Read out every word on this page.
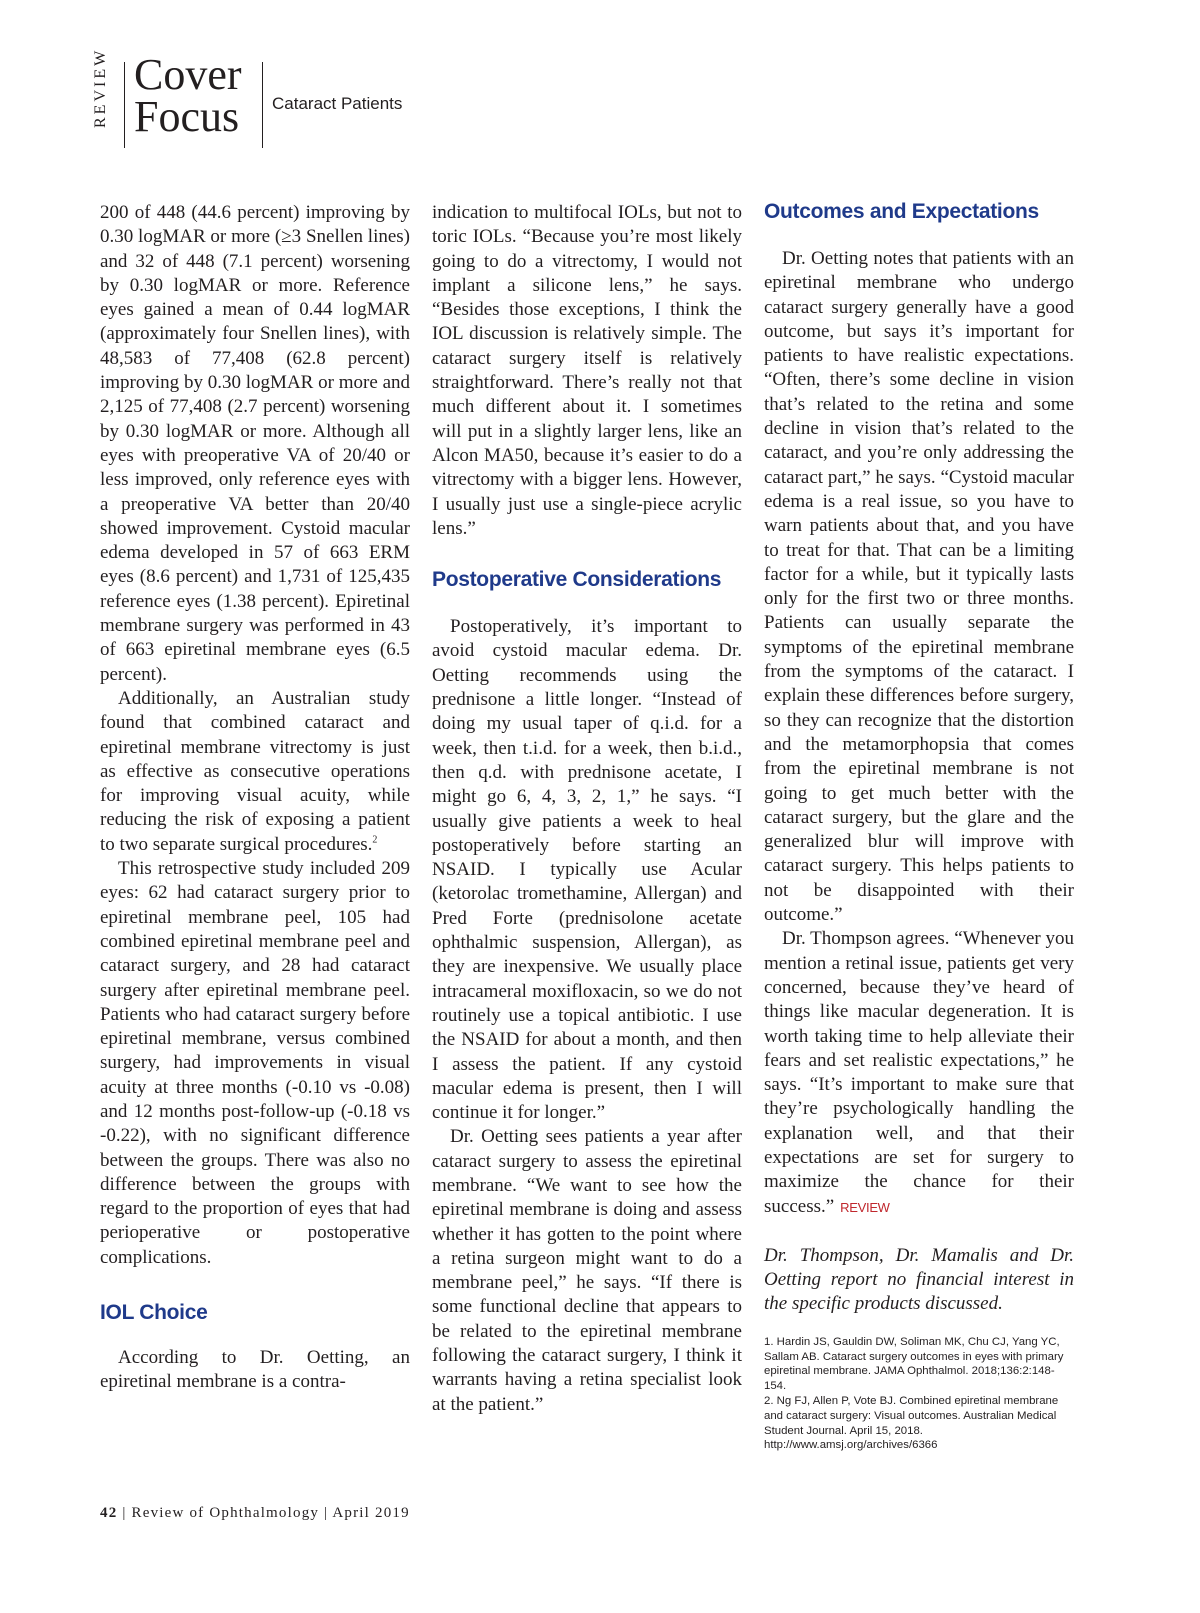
REVIEW Cover
Focus Cataract Patients

200 of 448 (44.6 percent) improving by 0.30 logMAR or more (≥3 Snellen lines) and 32 of 448 (7.1 percent) worsening by 0.30 logMAR or more. Reference eyes gained a mean of 0.44 logMAR (approximately four Snellen lines), with 48,583 of 77,408 (62.8 percent) improving by 0.30 logMAR or more and 2,125 of 77,408 (2.7 percent) worsening by 0.30 logMAR or more. Although all eyes with preoperative VA of 20/40 or less improved, only reference eyes with a preoperative VA better than 20/40 showed improvement. Cystoid macular edema developed in 57 of 663 ERM eyes (8.6 percent) and 1,731 of 125,435 reference eyes (1.38 percent). Epiretinal membrane surgery was performed in 43 of 663 epiretinal membrane eyes (6.5 percent).

Additionally, an Australian study found that combined cataract and epiretinal membrane vitrectomy is just as effective as consecutive operations for improving visual acuity, while reducing the risk of exposing a patient to two separate surgical procedures.$^2$

This retrospective study included 209 eyes: 62 had cataract surgery prior to epiretinal membrane peel, 105 had combined epiretinal membrane peel and cataract surgery, and 28 had cataract surgery after epiretinal membrane peel. Patients who had cataract surgery before epiretinal membrane, versus combined surgery, had improvements in visual acuity at three months (-0.10 vs -0.08) and 12 months post-follow-up (-0.18 vs -0.22), with no significant difference between the groups. There was also no difference between the groups with regard to the proportion of eyes that had perioperative or postoperative complications.

IOL Choice

According to Dr. Oetting, an epiretinal membrane is a contra-

indication to multifocal IOLs, but not to toric IOLs. “Because you’re most likely going to do a vitrectomy, I would not implant a silicone lens,” he says. “Besides those exceptions, I think the IOL discussion is relatively simple. The cataract surgery itself is relatively straightforward. There’s really not that much different about it. I sometimes will put in a slightly larger lens, like an Alcon MA50, because it’s easier to do a vitrectomy with a bigger lens. However, I usually just use a single-piece acrylic lens.”

Postoperative Considerations

Postoperatively, it’s important to avoid cystoid macular edema. Dr. Oetting recommends using the prednisone a little longer. “Instead of doing my usual taper of q.i.d. for a week, then t.i.d. for a week, then b.i.d., then q.d. with prednisone acetate, I might go 6, 4, 3, 2, 1,” he says. “I usually give patients a week to heal postoperatively before starting an NSAID. I typically use Acular (ketorolac tromethamine, Allergan) and Pred Forte (prednisolone acetate ophthalmic suspension, Allergan), as they are inexpensive. We usually place intracameral moxifloxacin, so we do not routinely use a topical antibiotic. I use the NSAID for about a month, and then I assess the patient. If any cystoid macular edema is present, then I will continue it for longer.”

Dr. Oetting sees patients a year after cataract surgery to assess the epiretinal membrane. “We want to see how the epiretinal membrane is doing and assess whether it has gotten to the point where a retina surgeon might want to do a membrane peel,” he says. “If there is some functional decline that appears to be related to the epiretinal membrane following the cataract surgery, I think it warrants having a retina specialist look at the patient.”

Outcomes and Expectations

Dr. Oetting notes that patients with an epiretinal membrane who undergo cataract surgery generally have a good outcome, but says it’s important for patients to have realistic expectations. “Often, there’s some decline in vision that’s related to the retina and some decline in vision that’s related to the cataract, and you’re only addressing the cataract part,” he says. “Cystoid macular edema is a real issue, so you have to warn patients about that, and you have to treat for that. That can be a limiting factor for a while, but it typically lasts only for the first two or three months. Patients can usually separate the symptoms of the epiretinal membrane from the symptoms of the cataract. I explain these differences before surgery, so they can recognize that the distortion and the metamorphopsia that comes from the epiretinal membrane is not going to get much better with the cataract surgery, but the glare and the generalized blur will improve with cataract surgery. This helps patients to not be disappointed with their outcome.”

Dr. Thompson agrees. “Whenever you mention a retinal issue, patients get very concerned, because they’ve heard of things like macular degeneration. It is worth taking time to help alleviate their fears and set realistic expectations,” he says. “It’s important to make sure that they’re psychologically handling the explanation well, and that their expectations are set for surgery to maximize the chance for their success.” REVIEW

Dr. Thompson, Dr. Mamalis and Dr. Oetting report no financial interest in the specific products discussed.

1. Hardin JS, Gauldin DW, Soliman MK, Chu CJ, Yang YC, Sallam AB. Cataract surgery outcomes in eyes with primary epiretinal membrane. JAMA Ophthalmol. 2018;136:2:148-154.

2. Ng FJ, Allen P, Vote BJ. Combined epiretinal membrane and cataract surgery: Visual outcomes. Australian Medical Student Journal. April 15, 2018. http://www.amsj.org/archives/6366

42 | Review of Ophthalmology | April 2019
